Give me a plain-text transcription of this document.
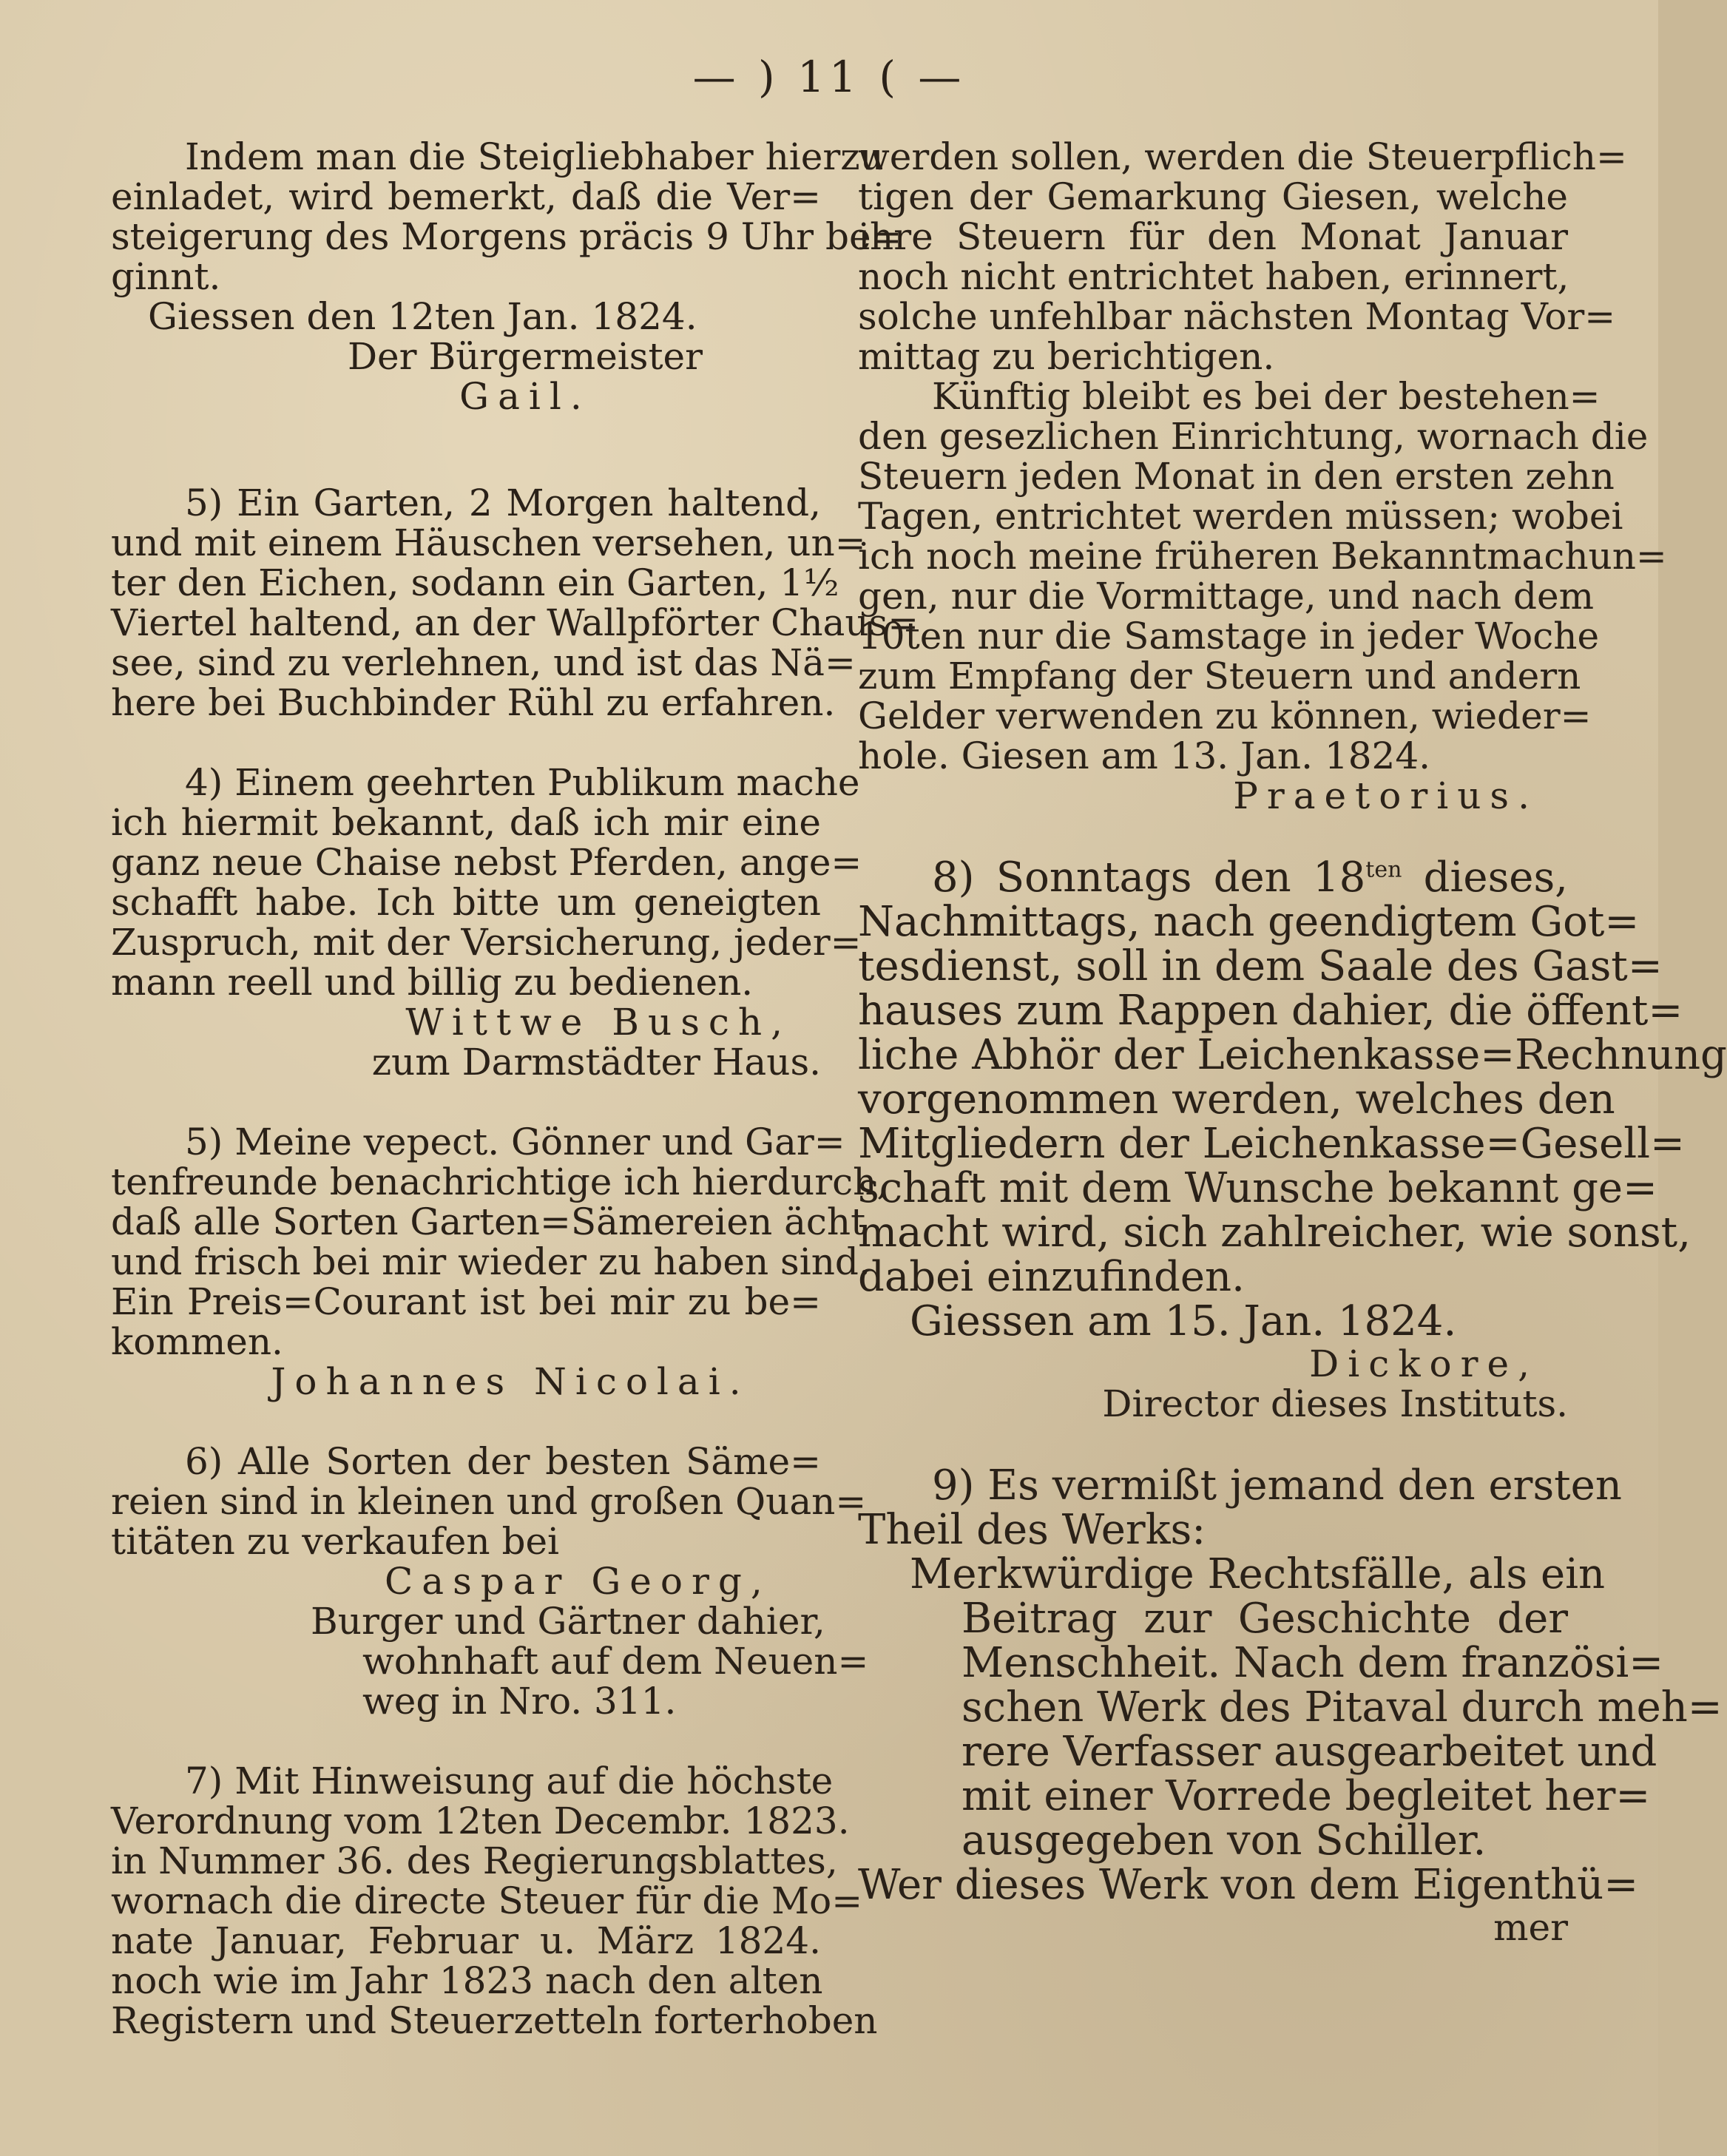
— ) 11 ( —
Indem man die Steigliebhaber hierzu
einladet, wird bemerkt, daß die Ver=
steigerung des Morgens präcis 9 Uhr be=
ginnt.
Giessen den 12ten Jan. 1824.
Der Bürgermeister
Gail.
5) Ein Garten, 2 Morgen haltend,
und mit einem Häuschen versehen, un=
ter den Eichen, sodann ein Garten, 1½
Viertel haltend, an der Wallpförter Chaus=
see, sind zu verlehnen, und ist das Nä=
here bei Buchbinder Rühl zu erfahren.
4) Einem geehrten Publikum mache
ich hiermit bekannt, daß ich mir eine
ganz neue Chaise nebst Pferden, ange=
schafft habe. Ich bitte um geneigten
Zuspruch, mit der Versicherung, jeder=
mann reell und billig zu bedienen.
Wittwe Busch,
zum Darmstädter Haus.
5) Meine vepect. Gönner und Gar=
tenfreunde benachrichtige ich hierdurch,
daß alle Sorten Garten=Sämereien ächt
und frisch bei mir wieder zu haben sind.
Ein Preis=Courant ist bei mir zu be=
kommen.
Johannes Nicolai.
6) Alle Sorten der besten Säme=
reien sind in kleinen und großen Quan=
titäten zu verkaufen bei
Caspar Georg,
Burger und Gärtner dahier,
wohnhaft auf dem Neuen=
weg in Nro. 311.
7) Mit Hinweisung auf die höchste
Verordnung vom 12ten Decembr. 1823.
in Nummer 36. des Regierungsblattes,
wornach die directe Steuer für die Mo=
nate Januar, Februar u. März 1824.
noch wie im Jahr 1823 nach den alten
Registern und Steuerzetteln forterhoben
werden sollen, werden die Steuerpflich=
tigen der Gemarkung Giesen, welche
ihre Steuern für den Monat Januar
noch nicht entrichtet haben, erinnert,
solche unfehlbar nächsten Montag Vor=
mittag zu berichtigen.
Künftig bleibt es bei der bestehen=
den gesezlichen Einrichtung, wornach die
Steuern jeden Monat in den ersten zehn
Tagen, entrichtet werden müssen; wobei
ich noch meine früheren Bekanntmachun=
gen, nur die Vormittage, und nach dem
10ten nur die Samstage in jeder Woche
zum Empfang der Steuern und andern
Gelder verwenden zu können, wieder=
hole. Giesen am 13. Jan. 1824.
Praetorius.
8) Sonntags den $18^{ten}$ dieses,
Nachmittags, nach geendigtem Got=
tesdienst, soll in dem Saale des Gast=
hauses zum Rappen dahier, die öffent=
liche Abhör der Leichenkasse=Rechnung
vorgenommen werden, welches den
Mitgliedern der Leichenkasse=Gesell=
schaft mit dem Wunsche bekannt ge=
macht wird, sich zahlreicher, wie sonst,
dabei einzufinden.
Giessen am 15. Jan. 1824.
Dickore,
Director dieses Instituts.
9) Es vermißt jemand den ersten
Theil des Werks:
Merkwürdige Rechtsfälle, als ein
Beitrag zur Geschichte der
Menschheit. Nach dem französi=
schen Werk des Pitaval durch meh=
rere Verfasser ausgearbeitet und
mit einer Vorrede begleitet her=
ausgegeben von Schiller.
Wer dieses Werk von dem Eigenthü=
mer
